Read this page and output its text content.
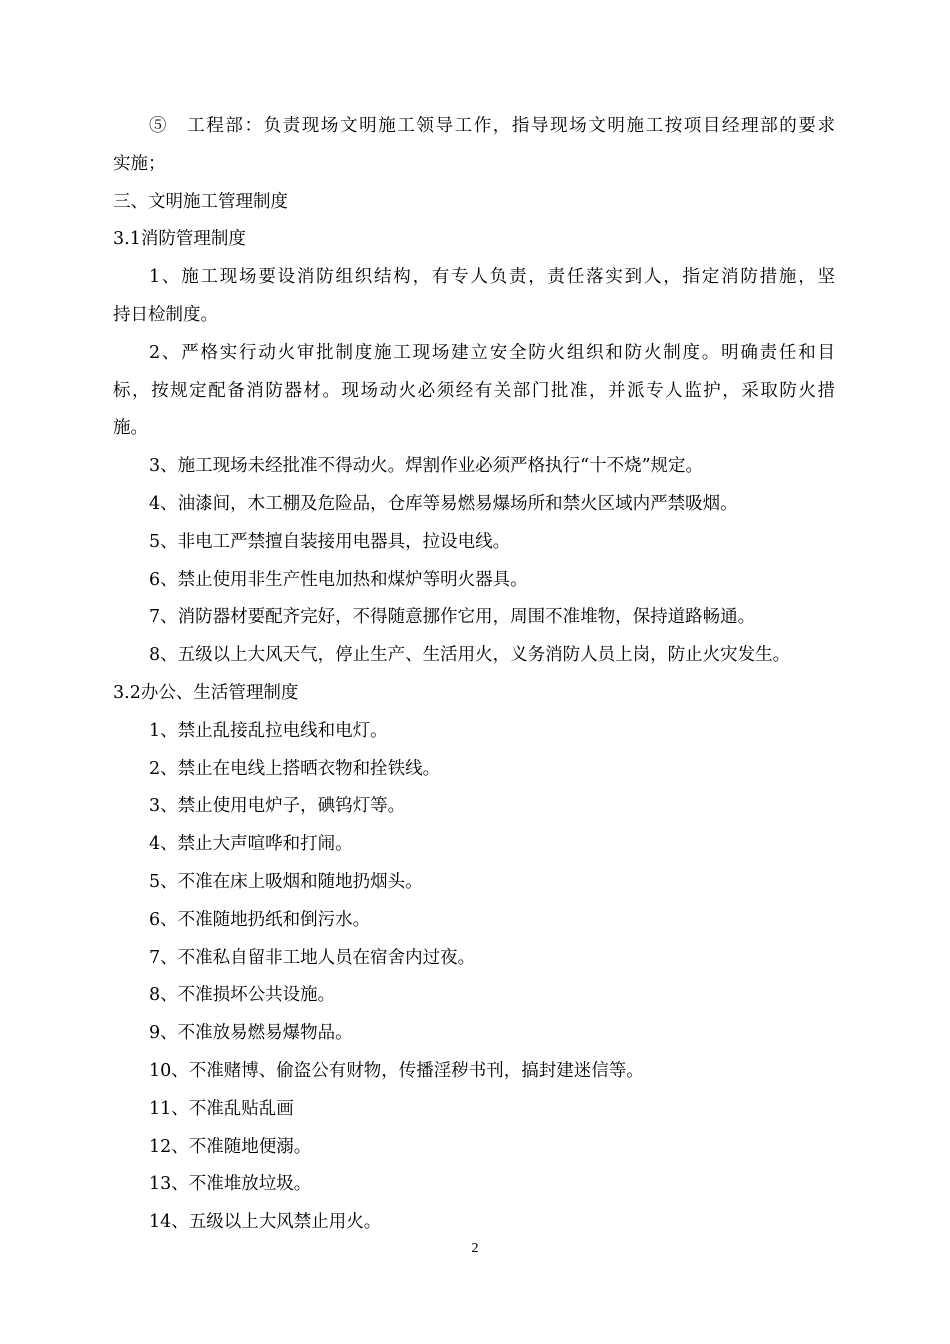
⑤　工程部：负责现场文明施工领导工作，指导现场文明施工按项目经理部的要求
实施；
三、文明施工管理制度
3.1消防管理制度
1、施工现场要设消防组织结构，有专人负责，责任落实到人，指定消防措施，坚
持日检制度。
2、严格实行动火审批制度施工现场建立安全防火组织和防火制度。明确责任和目
标，按规定配备消防器材。现场动火必须经有关部门批准，并派专人监护，采取防火措
施。
3、施工现场未经批准不得动火。焊割作业必须严格执行“十不烧”规定。
4、油漆间，木工棚及危险品，仓库等易燃易爆场所和禁火区域内严禁吸烟。
5、非电工严禁擅自装接用电器具，拉设电线。
6、禁止使用非生产性电加热和煤炉等明火器具。
7、消防器材要配齐完好，不得随意挪作它用，周围不准堆物，保持道路畅通。
8、五级以上大风天气，停止生产、生活用火，义务消防人员上岗，防止火灾发生。
3.2办公、生活管理制度
1、禁止乱接乱拉电线和电灯。
2、禁止在电线上搭晒衣物和拴铁线。
3、禁止使用电炉子，碘钨灯等。
4、禁止大声喧哗和打闹。
5、不准在床上吸烟和随地扔烟头。
6、不准随地扔纸和倒污水。
7、不准私自留非工地人员在宿舍内过夜。
8、不准损坏公共设施。
9、不准放易燃易爆物品。
10、不准赌博、偷盗公有财物，传播淫秽书刊，搞封建迷信等。
11、不准乱贴乱画
12、不准随地便溺。
13、不准堆放垃圾。
14、五级以上大风禁止用火。
2
